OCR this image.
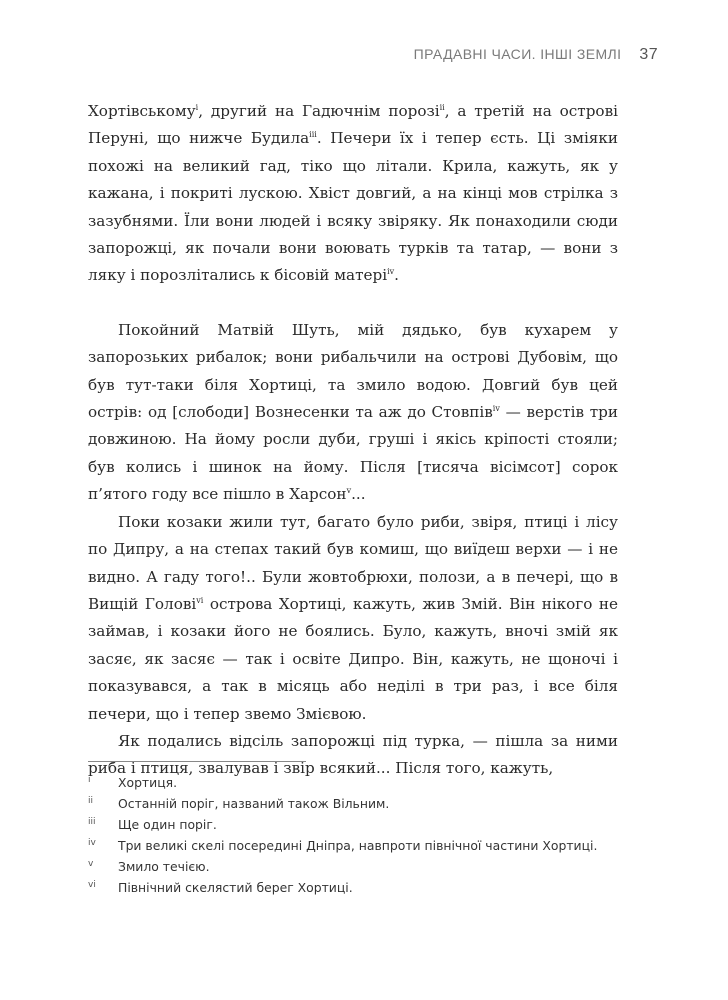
ПРАДАВНІ ЧАСИ. ІНШІ ЗЕМЛІ 37

Хортівському$^i$, другий на Гадючнім порозі$^{ii}$, а третій на острові Перуні, що нижче Будила$^{iii}$. Печери їх і тепер єсть. Ці зміяки похожі на великий гад, тіко що літали. Крила, кажуть, як у кажана, і покриті лускою. Хвіст довгий, а на кінці мов стрілка з зазубнями. Їли вони людей і всяку звіряку. Як понаходили сюди запорожці, як почали вони воювать турків та татар, — вони з ляку і порозлітались к бісовій матері$^{iv}$.

Покойний Матвій Шуть, мій дядько, був кухарем у запорозьких рибалок; вони рибальчили на острові Дубовім, що був тут-таки біля Хортиці, та змило водою. Довгий був цей острів: од [слободи] Вознесенки та аж до Стовпів$^{iv}$ — верстів три довжиною. На йому росли дуби, груші і якісь кріпості стояли; був колись і шинок на йому. Після [тисяча вісімсот] сорок п’ятого году все пішло в Харсон$^v$...

Поки козаки жили тут, багато було риби, звіря, птиці і лісу по Дипру, а на степах такий був комиш, що виїдеш верхи — і не видно. А гаду того!.. Були жовтобрюхи, полози, а в печері, що в Вищій Голові$^{vi}$ острова Хортиці, кажуть, жив Змій. Він нікого не займав, і козаки його не боялись. Було, кажуть, вночі змій як засяє, як засяє — так і освіте Дипро. Він, кажуть, не щоночі і показувався, а так в місяць або неділі в три раз, і все біля печери, що і тепер звемо Змієвою.

Як подались відсіль запорожці під турка, — пішла за ними риба і птиця, звалував і звір всякий... Після того, кажуть,

i	Хортиця.
ii	Останній поріг, названий також Вільним.
iii	Ще один поріг.
iv	Три великі скелі посередині Дніпра, навпроти північної частини Хортиці.
v	Змило течією.
vi	Північний скелястий берег Хортиці.
